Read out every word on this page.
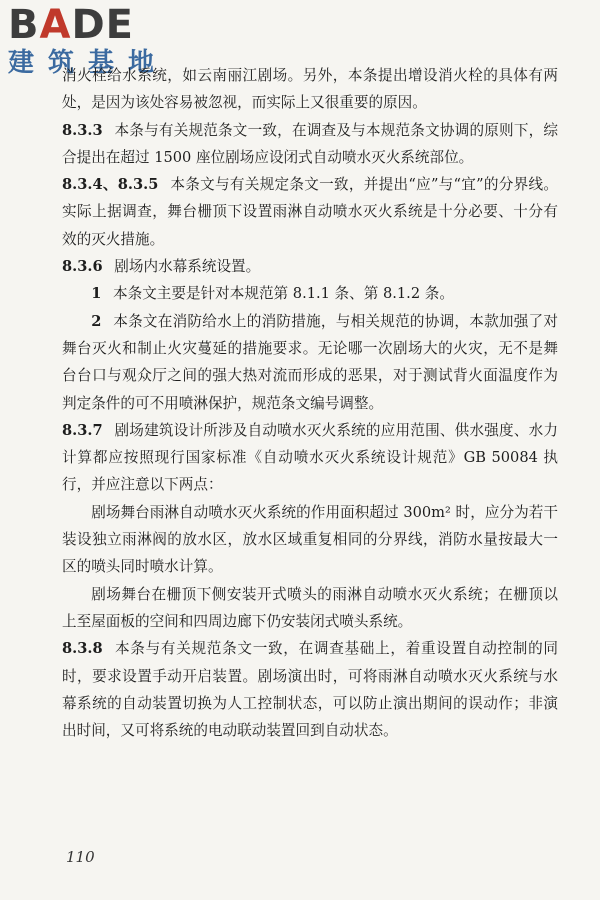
BADE
建筑基地

消火栓给水系统，如云南丽江剧场。另外，本条提出增设消火栓的具体有两处，是因为该处容易被忽视，而实际上又很重要的原因。

8.3.3 本条与有关规范条文一致，在调查及与本规范条文协调的原则下，综合提出在超过 1500 座位剧场应设闭式自动喷水灭火系统部位。

8.3.4、8.3.5 本条文与有关规定条文一致，并提出“应”与“宜”的分界线。实际上据调查，舞台栅顶下设置雨淋自动喷水灭火系统是十分必要、十分有效的灭火措施。

8.3.6 剧场内水幕系统设置。

1 本条文主要是针对本规范第 8.1.1 条、第 8.1.2 条。

2 本条文在消防给水上的消防措施，与相关规范的协调，本款加强了对舞台灭火和制止火灾蔓延的措施要求。无论哪一次剧场大的火灾，无不是舞台台口与观众厅之间的强大热对流而形成的恶果，对于测试背火面温度作为判定条件的可不用喷淋保护，规范条文编号调整。

8.3.7 剧场建筑设计所涉及自动喷水灭火系统的应用范围、供水强度、水力计算都应按照现行国家标准《自动喷水灭火系统设计规范》GB 50084 执行，并应注意以下两点：

剧场舞台雨淋自动喷水灭火系统的作用面积超过 300m² 时，应分为若干装设独立雨淋阀的放水区，放水区域重复相同的分界线，消防水量按最大一区的喷头同时喷水计算。

剧场舞台在栅顶下侧安装开式喷头的雨淋自动喷水灭火系统；在栅顶以上至屋面板的空间和四周边廊下仍安装闭式喷头系统。

8.3.8 本条与有关规范条文一致，在调查基础上，着重设置自动控制的同时，要求设置手动开启装置。剧场演出时，可将雨淋自动喷水灭火系统与水幕系统的自动装置切换为人工控制状态，可以防止演出期间的误动作；非演出时间，又可将系统的电动联动装置回到自动状态。

110
